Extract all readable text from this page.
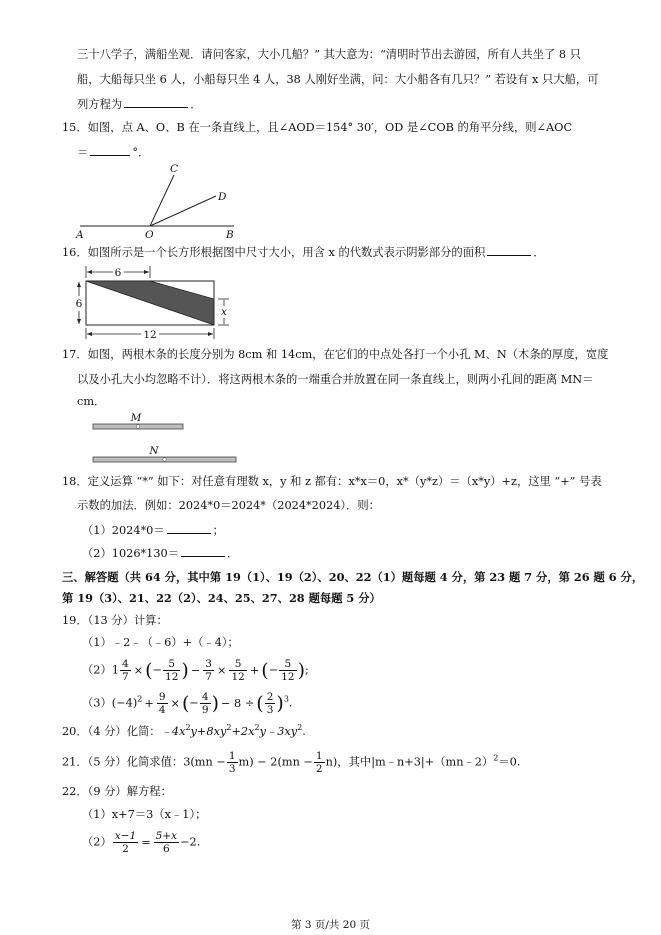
三十八学子，满船坐观．请问客家，大小几船？” 其大意为：“清明时节出去游园，所有人共坐了 8 只
船，大船每只坐 6 人，小船每只坐 4 人，38 人刚好坐满，问：大小船各有几只？” 若设有 x 只大船，可
列方程为	．
15．如图，点 A、O、B 在一条直线上，且∠AOD＝154° 30′，OD 是∠COB 的角平分线，则∠AOC
＝	°．
C
D
A	O	B
16．如图所示是一个长方形根据图中尺寸大小，用含 x 的代数式表示阴影部分的面积	．
6
6
x
12
17．如图，两根木条的长度分别为 8cm 和 14cm，在它们的中点处各打一个小孔 M、N（木条的厚度，宽度
以及小孔大小均忽略不计）．将这两根木条的一端重合并放置在同一条直线上，则两小孔间的距离 MN＝
cm．
M
N
18．定义运算 “*” 如下：对任意有理数 x，y 和 z 都有：x*x＝0，x*（y*z）＝（x*y）+z，这里 “+” 号表
示数的加法．例如：2024*0＝2024*（2024*2024）．则：
（1）2024*0＝	；
（2）1026*130＝	．
三、解答题（共 64 分，其中第 19（1）、19（2）、20、22（1）题每题 4 分，第 23 题 7 分，第 26 题 6 分，
第 19（3）、21、22（2）、24、25、27、28 题每题 5 分）
19．（13 分）计算：
（1）﹣2﹣（﹣6）+（﹣4）；
$(2)1 \frac{4}{7}$ × (− $\frac{5}{12}$ ) − $\frac{3}{7} \times \frac{5}{12}$ + (− $\frac{5}{12}$ );
$(3)(-4)^2 + \frac{9}{4}$ × (− $\frac{4}{9}$ ) − 8 ÷ ( $\frac{2}{3} )^3$.
20．（4 分）化简：$﹣4x^2y+8xy^2+2x^2y﹣3xy^2$.
21．（5 分）化简求值：$3(mn - \frac{1}{3} m) - 2(mn - \frac{1}{2} n)$，其中|m﹣n+3|+（mn﹣2）$^2$＝0.
22．（9 分）解方程：
（1）x+7＝3（x﹣1）；
$(2) \frac{x-1}{2} = \frac{5+x}{6} -2$.
第 3 页/共 20 页
